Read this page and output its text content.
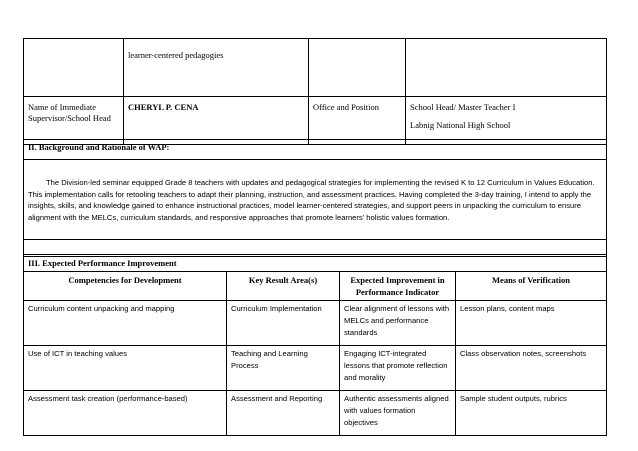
	learner-centered pedagogies		
Name of Immediate Supervisor/School Head	CHERYL P. CENA	Office and Position	School Head/ Master Teacher I
Labnig National High School
II. Background and Rationale of WAP:
The Division-led seminar equipped Grade 8 teachers with updates and pedagogical strategies for implementing the revised K to 12 Curriculum in Values Education. This implementation calls for retooling teachers to adapt their planning, instruction, and assessment practices. Having completed the 3-day training, I intend to apply the insights, skills, and knowledge gained to enhance instructional practices, model learner-centered strategies, and support peers in unpacking the curriculum to ensure alignment with the MELCs, curriculum standards, and responsive approaches that promote learners’ holistic values formation.

III. Expected Performance Improvement			
Competencies for Development	Key Result Area(s)	Expected Improvement in Performance Indicator	Means of Verification
Curriculum content unpacking and mapping	Curriculum Implementation	Clear alignment of lessons with MELCs and performance standards	Lesson plans, content maps
Use of ICT in teaching values	Teaching and Learning Process	Engaging ICT-integrated lessons that promote reflection and morality	Class observation notes, screenshots
Assessment task creation (performance-based)	Assessment and Reporting	Authentic assessments aligned with values formation objectives	Sample student outputs, rubrics
